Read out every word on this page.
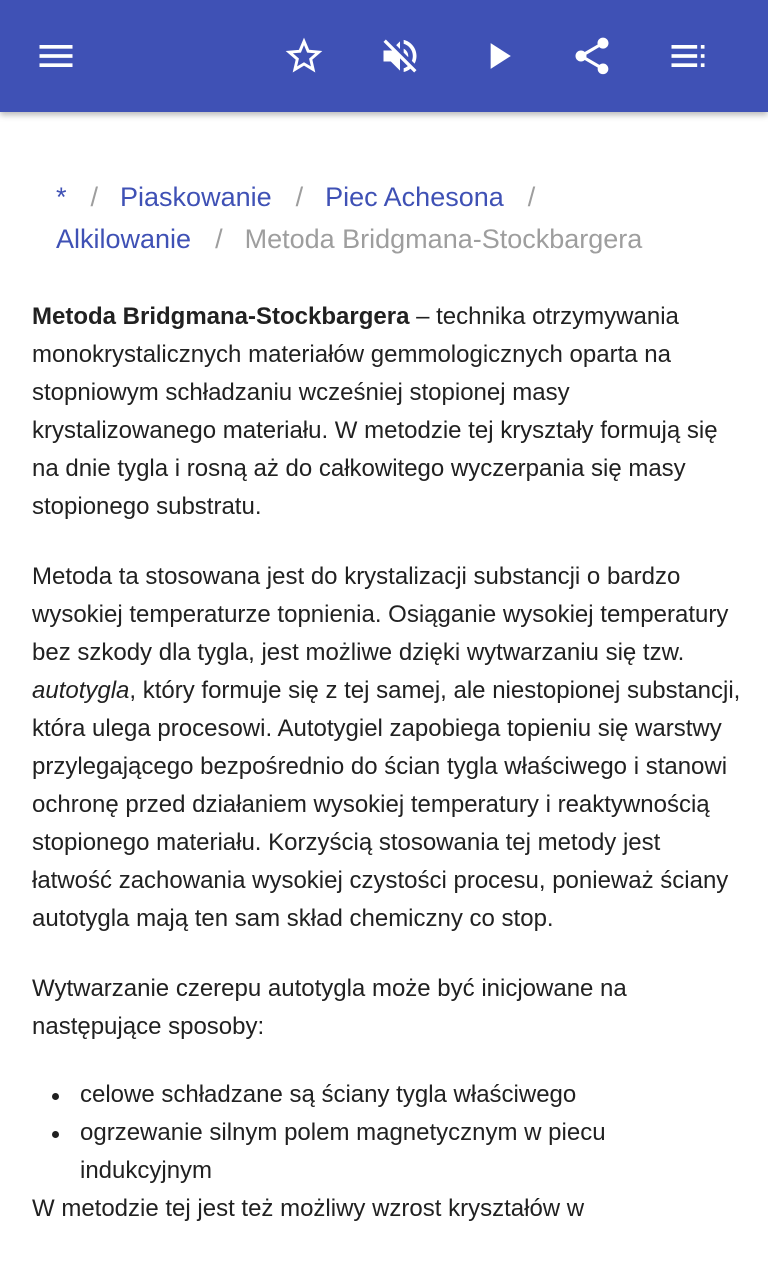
* / Piaskowanie / Piec Achesona /
Alkilowanie / Metoda Bridgmana-Stockbargera

Metoda Bridgmana-Stockbargera – technika otrzymywania monokrystalicznych materiałów gemmologicznych oparta na stopniowym schładzaniu wcześniej stopionej masy krystalizowanego materiału. W metodzie tej kryształy formują się na dnie tygla i rosną aż do całkowitego wyczerpania się masy stopionego substratu.

Metoda ta stosowana jest do krystalizacji substancji o bardzo wysokiej temperaturze topnienia. Osiąganie wysokiej temperatury bez szkody dla tygla, jest możliwe dzięki wytwarzaniu się tzw. autotygla, który formuje się z tej samej, ale niestopionej substancji, która ulega procesowi. Autotygiel zapobiega topieniu się warstwy przylegającego bezpośrednio do ścian tygla właściwego i stanowi ochronę przed działaniem wysokiej temperatury i reaktywnością stopionego materiału. Korzyścią stosowania tej metody jest łatwość zachowania wysokiej czystości procesu, ponieważ ściany autotygla mają ten sam skład chemiczny co stop.

Wytwarzanie czerepu autotygla może być inicjowane na następujące sposoby:

celowe schładzane są ściany tygla właściwego
ogrzewanie silnym polem magnetycznym w piecu indukcyjnym

W metodzie tej jest też możliwy wzrost kryształów w
